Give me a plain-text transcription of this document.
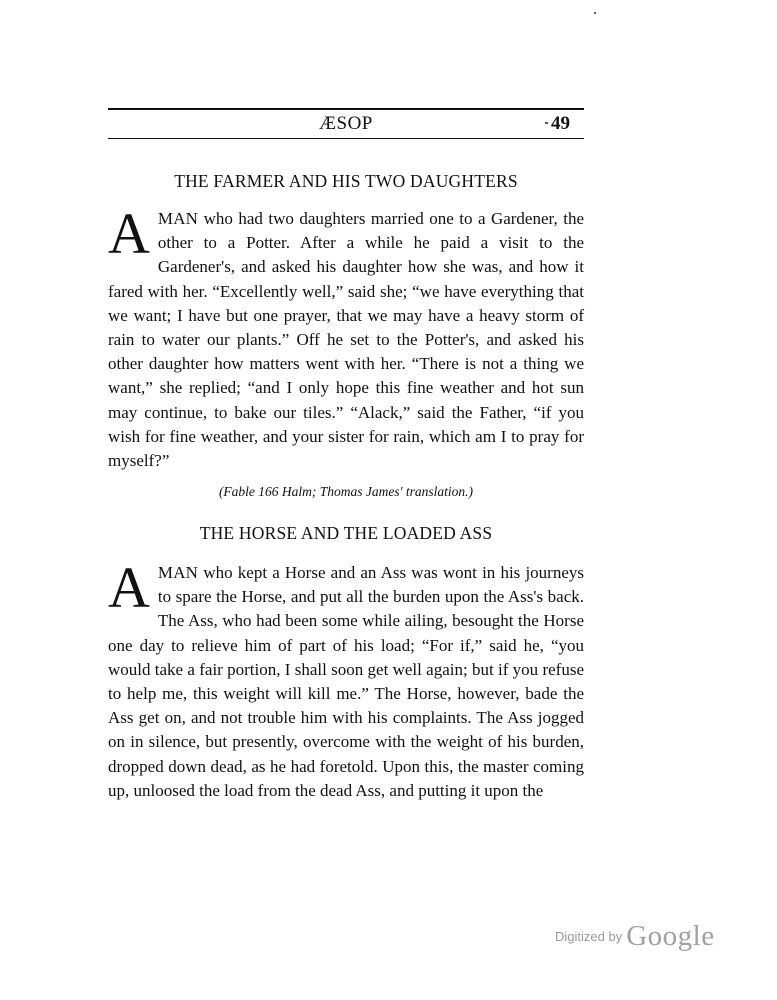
ÆSOP	49
THE FARMER AND HIS TWO DAUGHTERS

AMAN who had two daughters married one to a Gardener, the other to a Potter. After a while he paid a visit to the Gardener's, and asked his daughter how she was, and how it fared with her. “Excellently well,” said she; “we have everything that we want; I have but one prayer, that we may have a heavy storm of rain to water our plants.” Off he set to the Potter's, and asked his other daughter how matters went with her. “There is not a thing we want,” she replied; “and I only hope this fine weather and hot sun may continue, to bake our tiles.” “Alack,” said the Father, “if you wish for fine weather, and your sister for rain, which am I to pray for myself?”

(Fable 166 Halm; Thomas James' translation.)
THE HORSE AND THE LOADED ASS

AMAN who kept a Horse and an Ass was wont in his journeys to spare the Horse, and put all the burden upon the Ass's back. The Ass, who had been some while ailing, besought the Horse one day to relieve him of part of his load; “For if,” said he, “you would take a fair portion, I shall soon get well again; but if you refuse to help me, this weight will kill me.” The Horse, however, bade the Ass get on, and not trouble him with his complaints. The Ass jogged on in silence, but presently, overcome with the weight of his burden, dropped down dead, as he had foretold. Upon this, the master coming up, unloosed the load from the dead Ass, and putting it upon the

$^{Digitized by}$ Google
